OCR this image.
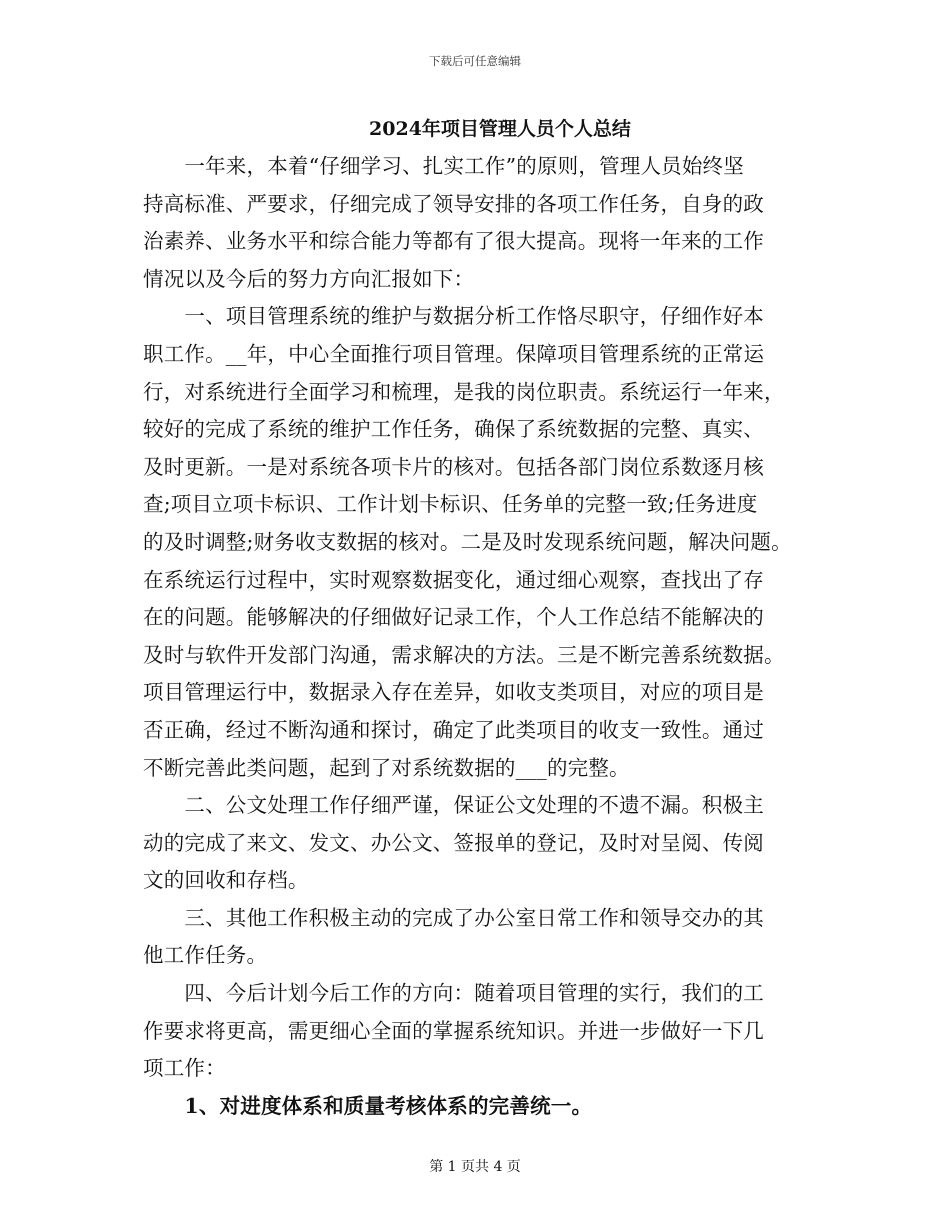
下载后可任意编辑
2024年项目管理人员个人总结
　　一年来，本着“仔细学习、扎实工作”的原则，管理人员始终坚
持高标准、严要求，仔细完成了领导安排的各项工作任务，自身的政
治素养、业务水平和综合能力等都有了很大提高。现将一年来的工作
情况以及今后的努力方向汇报如下：
　　一、项目管理系统的维护与数据分析工作恪尽职守，仔细作好本
职工作。__年，中心全面推行项目管理。保障项目管理系统的正常运
行，对系统进行全面学习和梳理，是我的岗位职责。系统运行一年来，
较好的完成了系统的维护工作任务，确保了系统数据的完整、真实、
及时更新。一是对系统各项卡片的核对。包括各部门岗位系数逐月核
查;项目立项卡标识、工作计划卡标识、任务单的完整一致;任务进度
的及时调整;财务收支数据的核对。二是及时发现系统问题，解决问题。
在系统运行过程中，实时观察数据变化，通过细心观察，查找出了存
在的问题。能够解决的仔细做好记录工作，个人工作总结不能解决的
及时与软件开发部门沟通，需求解决的方法。三是不断完善系统数据。
项目管理运行中，数据录入存在差异，如收支类项目，对应的项目是
否正确，经过不断沟通和探讨，确定了此类项目的收支一致性。通过
不断完善此类问题，起到了对系统数据的___的完整。
　　二、公文处理工作仔细严谨，保证公文处理的不遗不漏。积极主
动的完成了来文、发文、办公文、签报单的登记，及时对呈阅、传阅
文的回收和存档。
　　三、其他工作积极主动的完成了办公室日常工作和领导交办的其
他工作任务。
　　四、今后计划今后工作的方向：随着项目管理的实行，我们的工
作要求将更高，需更细心全面的掌握系统知识。并进一步做好一下几
项工作：
　　1、对进度体系和质量考核体系的完善统一。
第 1 页共 4 页
